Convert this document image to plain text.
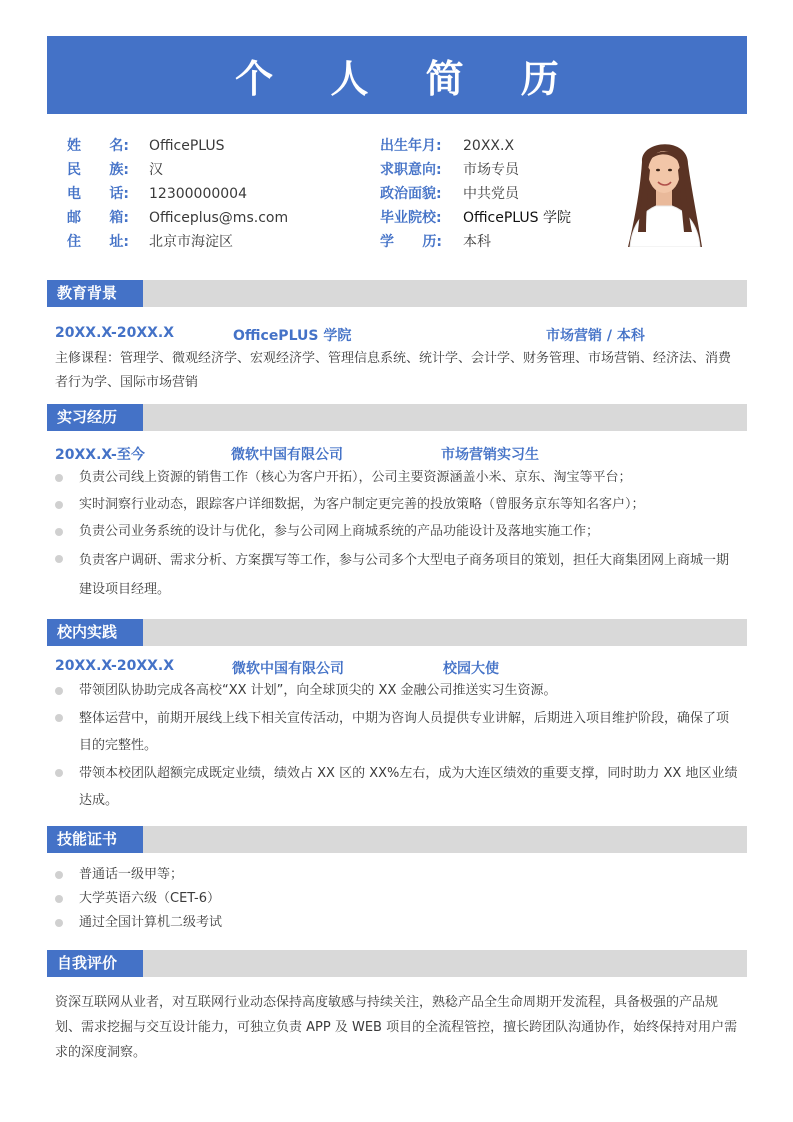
个 人 简 历
姓 名: OfficePLUS
民 族: 汉
电 话: 12300000004
邮 箱: Officeplus@ms.com
住 址: 北京市海淀区
出生年月: 20XX.X
求职意向: 市场专员
政治面貌: 中共党员
毕业院校: OfficePLUS 学院
学 历: 本科
教育背景
20XX.X-20XX.X	OfficePLUS 学院	市场营销 / 本科
主修课程：管理学、微观经济学、宏观经济学、管理信息系统、统计学、会计学、财务管理、市场营销、经济法、消费者行为学、国际市场营销
实习经历
20XX.X-至今	微软中国有限公司	市场营销实习生
负责公司线上资源的销售工作（核心为客户开拓），公司主要资源涵盖小米、京东、淘宝等平台；
实时洞察行业动态，跟踪客户详细数据，为客户制定更完善的投放策略（曾服务京东等知名客户）；
负责公司业务系统的设计与优化，参与公司网上商城系统的产品功能设计及落地实施工作；
负责客户调研、需求分析、方案撰写等工作，参与公司多个大型电子商务项目的策划，担任大商集团网上商城一期建设项目经理。
校内实践
20XX.X-20XX.X	微软中国有限公司	校园大使
带领团队协助完成各高校“XX 计划”，向全球顶尖的 XX 金融公司推送实习生资源。
整体运营中，前期开展线上线下相关宣传活动，中期为咨询人员提供专业讲解，后期进入项目维护阶段，确保了项目的完整性。
带领本校团队超额完成既定业绩，绩效占 XX 区的 XX%左右，成为大连区绩效的重要支撑，同时助力 XX 地区业绩达成。
技能证书
普通话一级甲等；
大学英语六级（CET-6）
通过全国计算机二级考试
自我评价
资深互联网从业者，对互联网行业动态保持高度敏感与持续关注，熟稔产品全生命周期开发流程，具备极强的产品规划、需求挖掘与交互设计能力，可独立负责 APP 及 WEB 项目的全流程管控，擅长跨团队沟通协作，始终保持对用户需求的深度洞察。
